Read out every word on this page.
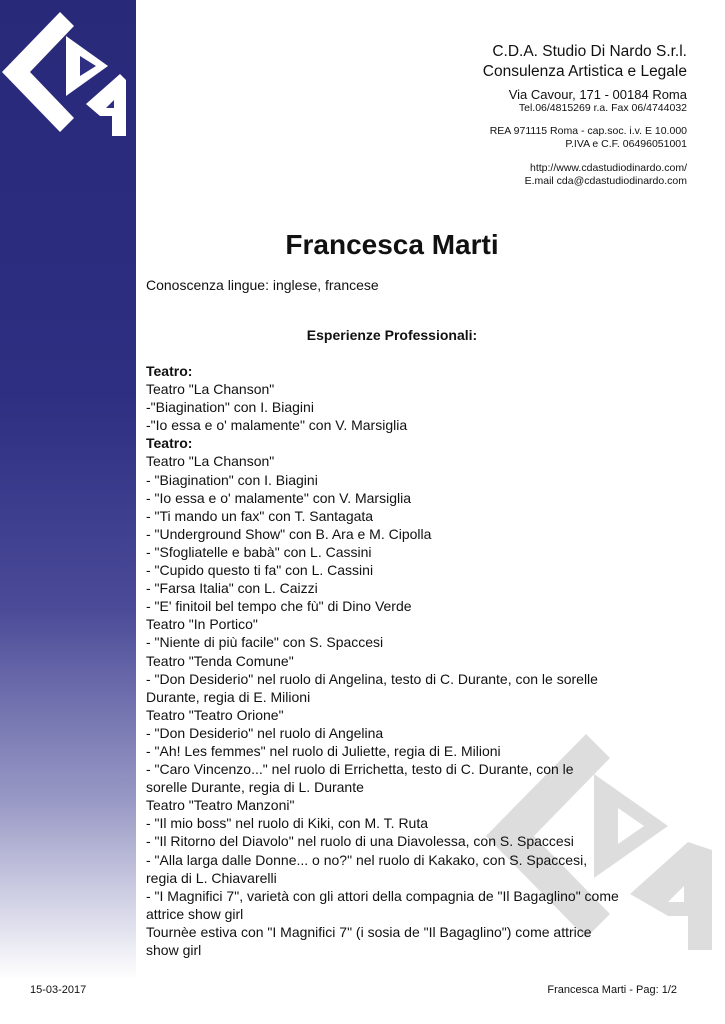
C.D.A. Studio Di Nardo S.r.l.
Consulenza Artistica e Legale
Via Cavour, 171 - 00184 Roma
Tel.06/4815269 r.a. Fax 06/4744032
REA 971115 Roma - cap.soc. i.v. E 10.000
P.IVA e C.F. 06496051001
http://www.cdastudiodinardo.com/
E.mail cda@cdastudiodinardo.com
Francesca Marti
Conoscenza lingue: inglese, francese
Esperienze Professionali:
Teatro:
Teatro "La Chanson"
-"Biagination" con I. Biagini
-"Io essa e o' malamente" con V. Marsiglia
Teatro:
Teatro "La Chanson"
- "Biagination" con I. Biagini
- "Io essa e o' malamente" con V. Marsiglia
- "Ti mando un fax" con T. Santagata
- "Underground Show" con B. Ara e M. Cipolla
- "Sfogliatelle e babà" con L. Cassini
- "Cupido questo ti fa" con L. Cassini
- "Farsa Italia" con L. Caizzi
- "E' finitoil bel tempo che fù" di Dino Verde
Teatro "In Portico"
- "Niente di più facile" con S. Spaccesi
Teatro "Tenda Comune"
- "Don Desiderio" nel ruolo di Angelina, testo di C. Durante, con le sorelle
Durante, regia di E. Milioni
Teatro "Teatro Orione"
- "Don Desiderio" nel ruolo di Angelina
- "Ah! Les femmes" nel ruolo di Juliette, regia di E. Milioni
- "Caro Vincenzo..." nel ruolo di Errichetta, testo di C. Durante, con le
sorelle Durante, regia di L. Durante
Teatro "Teatro Manzoni"
- "Il mio boss" nel ruolo di Kiki, con M. T. Ruta
- "Il Ritorno del Diavolo" nel ruolo di una Diavolessa, con S. Spaccesi
- "Alla larga dalle Donne... o no?" nel ruolo di Kakako, con S. Spaccesi,
regia di L. Chiavarelli
- "I Magnifici 7", varietà con gli attori della compagnia de "Il Bagaglino" come
attrice show girl
Tournèe estiva con "I Magnifici 7" (i sosia de "Il Bagaglino") come attrice
show girl
15-03-2017	Francesca Marti - Pag: 1/2
